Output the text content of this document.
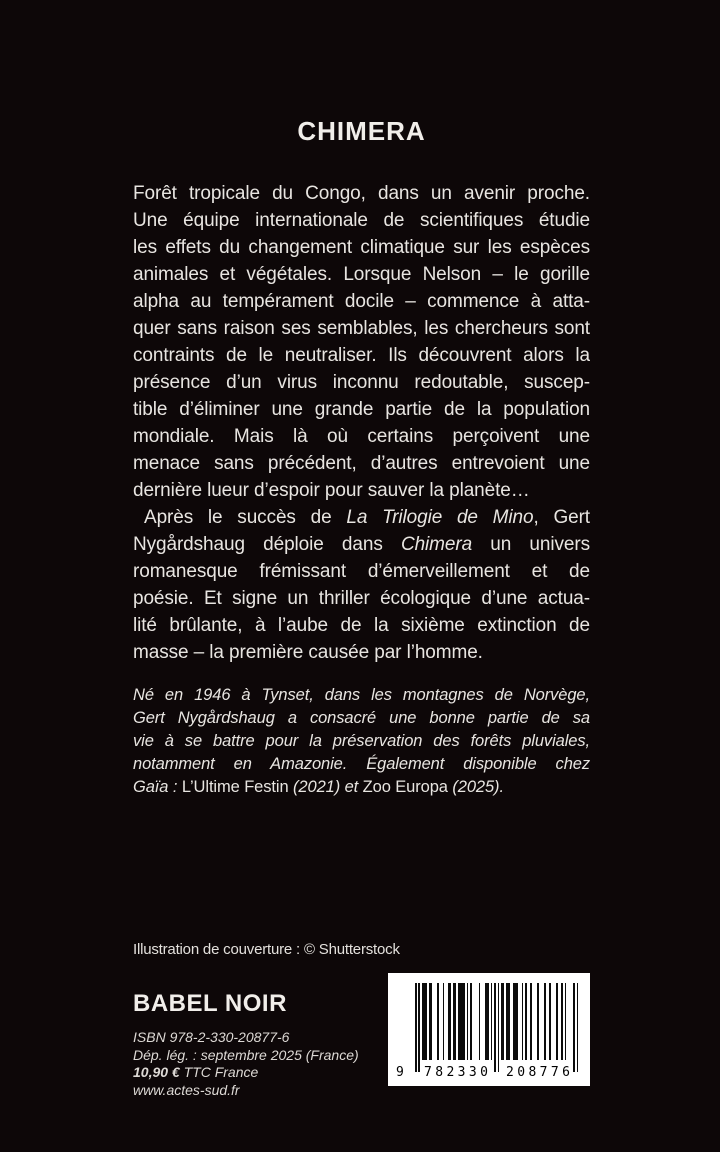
CHIMERA
Forêt tropicale du Congo, dans un avenir proche.
Une équipe internationale de scientifiques étudie
les effets du changement climatique sur les espèces
animales et végétales. Lorsque Nelson – le gorille
alpha au tempérament docile – commence à atta-
quer sans raison ses semblables, les chercheurs sont
contraints de le neutraliser. Ils découvrent alors la
présence d’un virus inconnu redoutable, suscep-
tible d’éliminer une grande partie de la population
mondiale. Mais là où certains perçoivent une
menace sans précédent, d’autres entrevoient une
dernière lueur d’espoir pour sauver la planète…
Après le succès de La Trilogie de Mino, Gert
Nygårdshaug déploie dans Chimera un univers
romanesque frémissant d’émerveillement et de
poésie. Et signe un thriller écologique d’une actua-
lité brûlante, à l’aube de la sixième extinction de
masse – la première causée par l’homme.
Né en 1946 à Tynset, dans les montagnes de Norvège,
Gert Nygårdshaug a consacré une bonne partie de sa
vie à se battre pour la préservation des forêts pluviales,
notamment en Amazonie. Également disponible chez
Gaïa : L’Ultime Festin (2021) et Zoo Europa (2025).
Illustration de couverture : © Shutterstock
BABEL NOIR
ISBN 978-2-330-20877-6
Dép. lég. : septembre 2025 (France)
10,90 € TTC France
www.actes-sud.fr
9 782330 208776
